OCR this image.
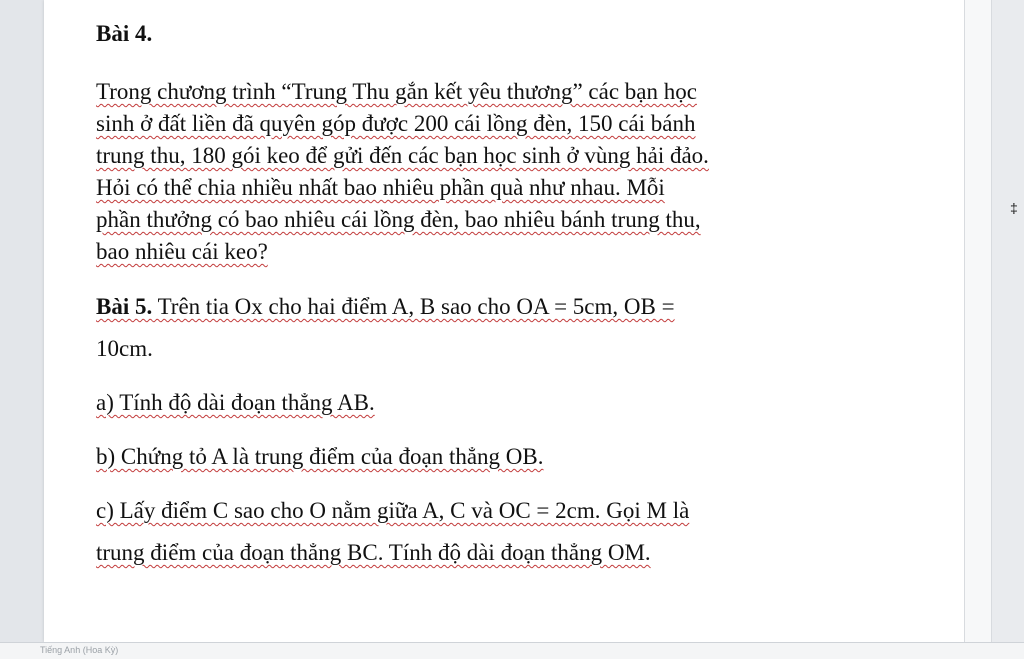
‡

Bài 4.

Trong chương trình “Trung Thu gắn kết yêu thương” các bạn học
sinh ở đất liền đã quyên góp được 200 cái lồng đèn, 150 cái bánh
trung thu, 180 gói keo để gửi đến các bạn học sinh ở vùng hải đảo.
Hỏi có thể chia nhiều nhất bao nhiêu phần quà như nhau. Mỗi
phần thưởng có bao nhiêu cái lồng đèn, bao nhiêu bánh trung thu,
bao nhiêu cái keo?
Bài 5. Trên tia Ox cho hai điểm A, B sao cho OA = 5cm, OB =
10cm.
a) Tính độ dài đoạn thẳng AB.
b) Chứng tỏ A là trung điểm của đoạn thẳng OB.
c) Lấy điểm C sao cho O nằm giữa A, C và OC = 2cm. Gọi M là
trung điểm của đoạn thẳng BC. Tính độ dài đoạn thẳng OM.
Tiếng Anh (Hoa Kỳ)
